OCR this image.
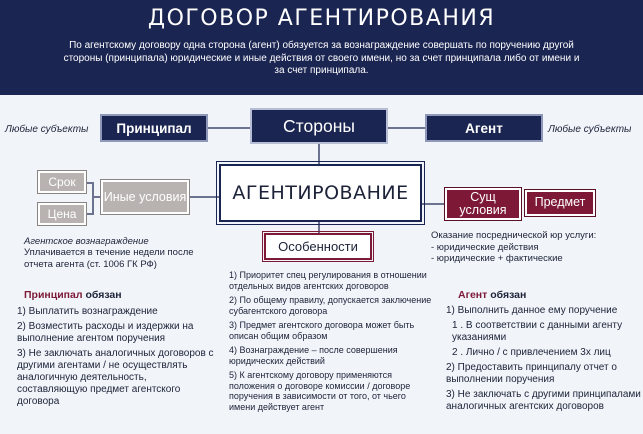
ДОГОВОР АГЕНТИРОВАНИЯ
По агентскому договору одна сторона (агент) обязуется за вознаграждение совершать по поручению другой стороны (принципала) юридические и иные действия от своего имени, но за счет принципала либо от имени и за счет принципала.
Любые субъекты	Принципал	Стороны	Агент	Любые субъекты
АГЕНТИРОВАНИЕ
Срок
Цена
Иные условия	Сущ условия
Предмет
Особенности
Агентское вознаграждение
Уплачивается в течение недели после отчета агента (ст. 1006 ГК РФ)
Оказание посреднической юр услуги:
- юридические действия
- юридические + фактические
Принципал обязан
1) Выплатить вознаграждение
2) Возместить расходы и издержки на выполнение агентом поручения
3) Не заключать аналогичных договоров с другими агентами / не осуществлять аналогичную деятельность, составляющую предмет агентского договора
1) Приоритет спец регулирования в отношении отдельных видов агентских договоров
2) По общему правилу, допускается заключение субагентского договора
3) Предмет агентского договора может быть описан общим образом
4) Вознаграждение – после совершения юридических действий
5) К агентскому договору применяются положения о договоре комиссии / договоре поручения в зависимости от того, от чьего имени действует агент
Агент обязан
1) Выполнить данное ему поручение
1 . В соответствии с данными агенту указаниями
2 . Лично / с привлечением 3х лиц
2) Предоставить принципалу отчет о выполнении поручения
3) Не заключать с другими принципалами аналогичных агентских договоров
